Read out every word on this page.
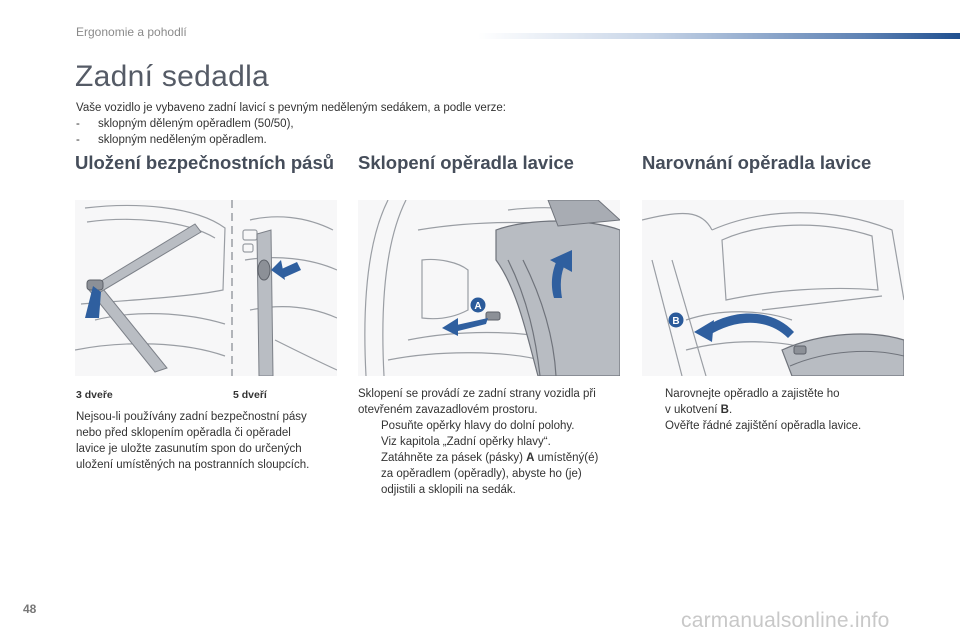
Ergonomie a pohodlí
Zadní sedadla
Vaše vozidlo je vybaveno zadní lavicí s pevným neděleným sedákem, a podle verze:
- sklopným děleným opěradlem (50/50),
- sklopným neděleným opěradlem.
Uložení bezpečnostních pásů Sklopení opěradla lavice	Narovnání opěradla lavice
A
B
3 dveře	5 dveří
Nejsou-li používány zadní bezpečnostní pásy
nebo před sklopením opěradla či opěradel
lavice je uložte zasunutím spon do určených
uložení umístěných na postranních sloupcích.
Sklopení se provádí ze zadní strany vozidla při
otevřeném zavazadlovém prostoru.
Posuňte opěrky hlavy do dolní polohy.
Viz kapitola „Zadní opěrky hlavy“.
Zatáhněte za pásek (pásky) A umístěný(é)
za opěradlem (opěradly), abyste ho (je)
odjistili a sklopili na sedák.
Narovnejte opěradlo a zajistěte ho
v ukotvení B.
Ověřte řádné zajištění opěradla lavice.
48	carmanualsonline.info
